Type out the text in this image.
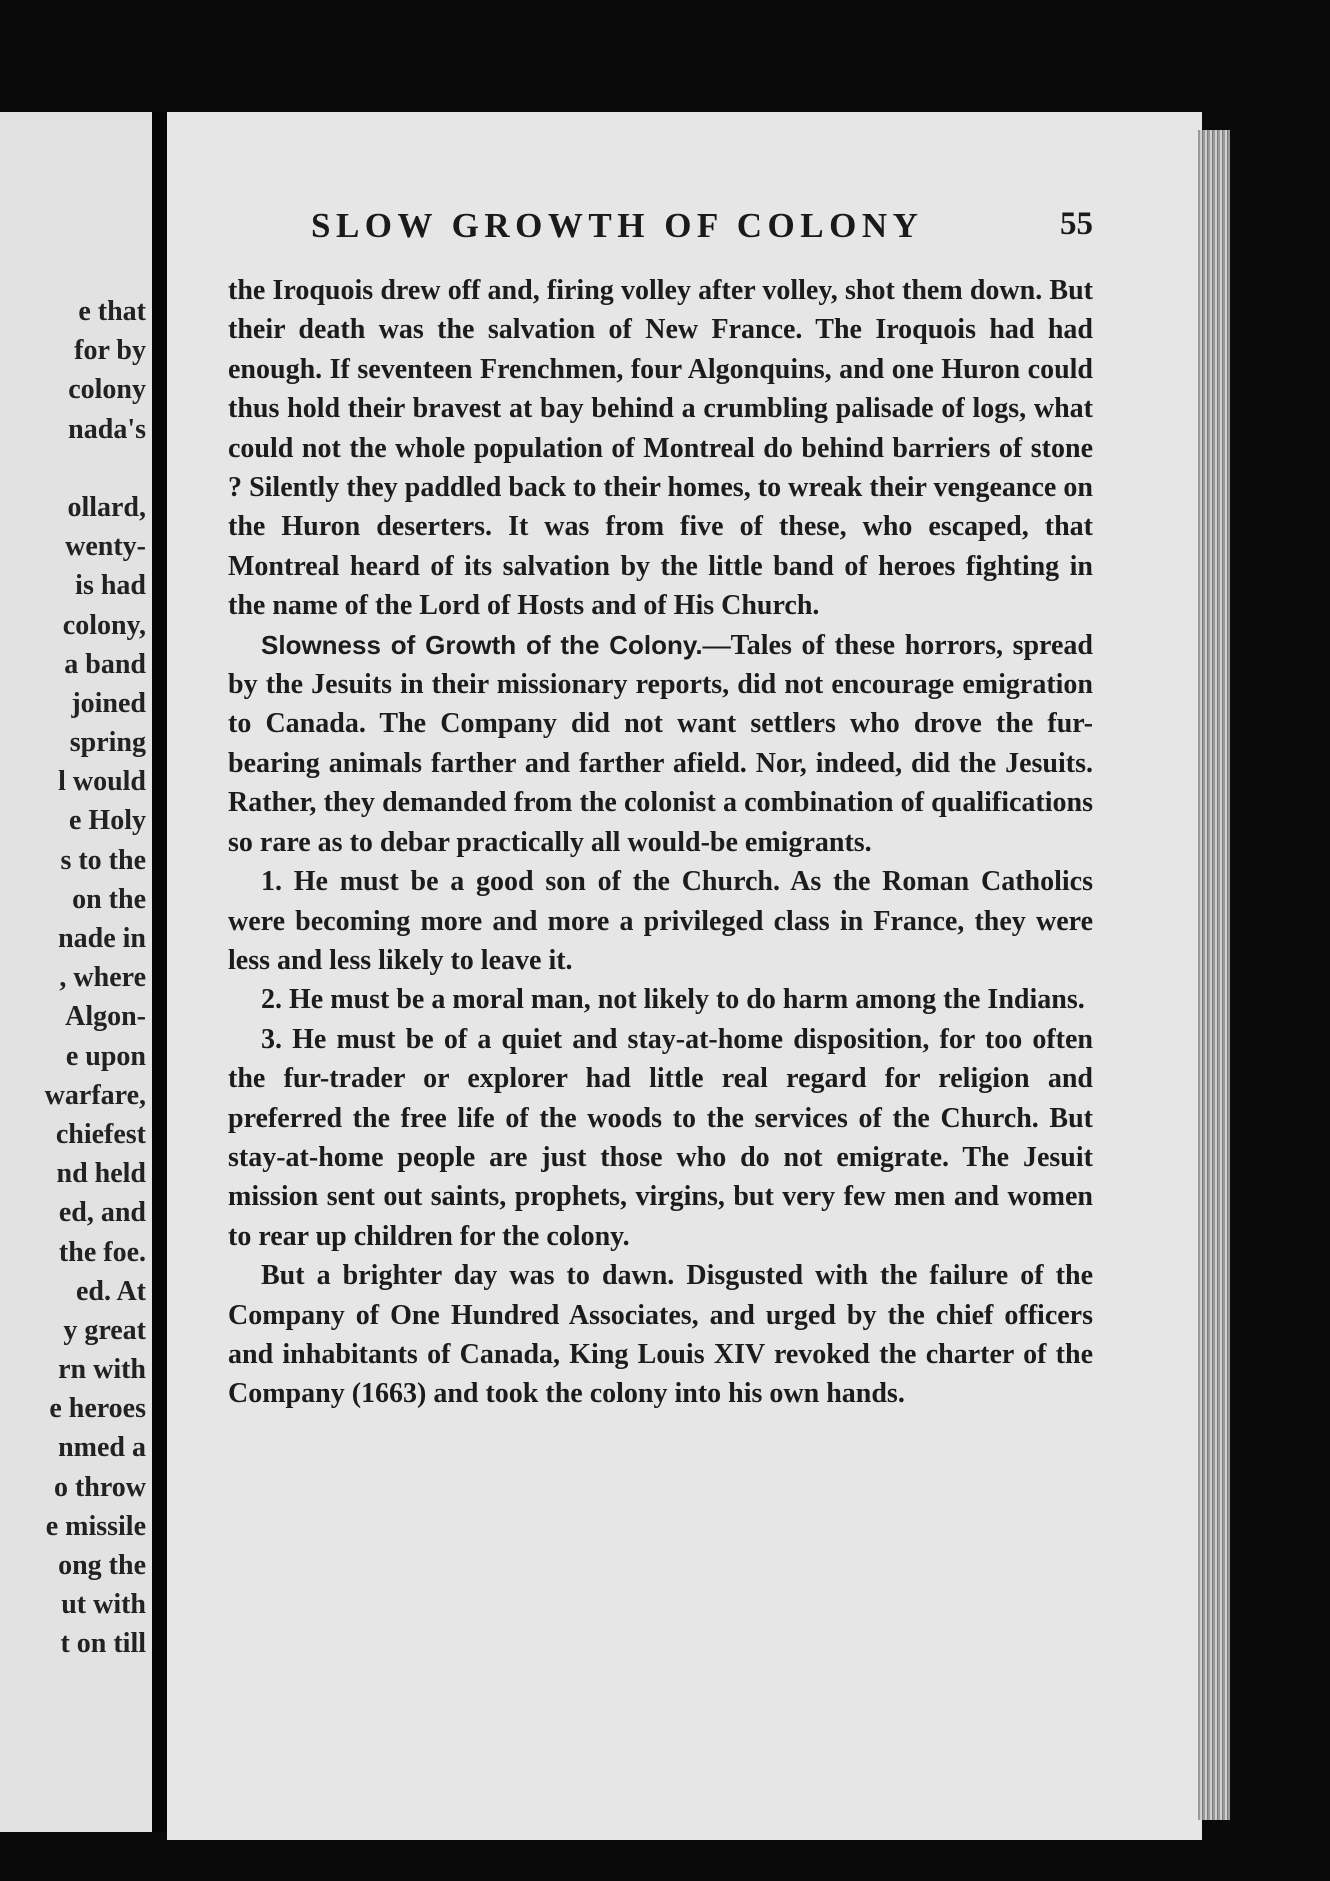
e that
for by
colony
nada's
ollard,
wenty-
is had
colony,
a band
joined
spring
l would
e Holy
s to the
on the
nade in
, where
Algon-
e upon
warfare,
chiefest
nd held
ed, and
the foe.
ed. At
y great
rn with
e heroes
nmed a
o throw
e missile
ong the
ut with
t on till
SLOW GROWTH OF COLONY	55

the Iroquois drew off and, firing volley after volley, shot them down. But their death was the salvation of New France. The Iroquois had had enough. If seventeen Frenchmen, four Algonquins, and one Huron could thus hold their bravest at bay behind a crumbling palisade of logs, what could not the whole population of Montreal do behind barriers of stone ? Silently they paddled back to their homes, to wreak their vengeance on the Huron deserters. It was from five of these, who escaped, that Montreal heard of its salvation by the little band of heroes fighting in the name of the Lord of Hosts and of His Church.

Slowness of Growth of the Colony.—Tales of these horrors, spread by the Jesuits in their missionary reports, did not encourage emigration to Canada. The Company did not want settlers who drove the fur-bearing animals farther and farther afield. Nor, indeed, did the Jesuits. Rather, they demanded from the colonist a combination of qualifications so rare as to debar practically all would-be emigrants.

1. He must be a good son of the Church. As the Roman Catholics were becoming more and more a privileged class in France, they were less and less likely to leave it.

2. He must be a moral man, not likely to do harm among the Indians.

3. He must be of a quiet and stay-at-home disposition, for too often the fur-trader or explorer had little real regard for religion and preferred the free life of the woods to the services of the Church. But stay-at-home people are just those who do not emigrate. The Jesuit mission sent out saints, prophets, virgins, but very few men and women to rear up children for the colony.

But a brighter day was to dawn. Disgusted with the failure of the Company of One Hundred Associates, and urged by the chief officers and inhabitants of Canada, King Louis XIV revoked the charter of the Company (1663) and took the colony into his own hands.
